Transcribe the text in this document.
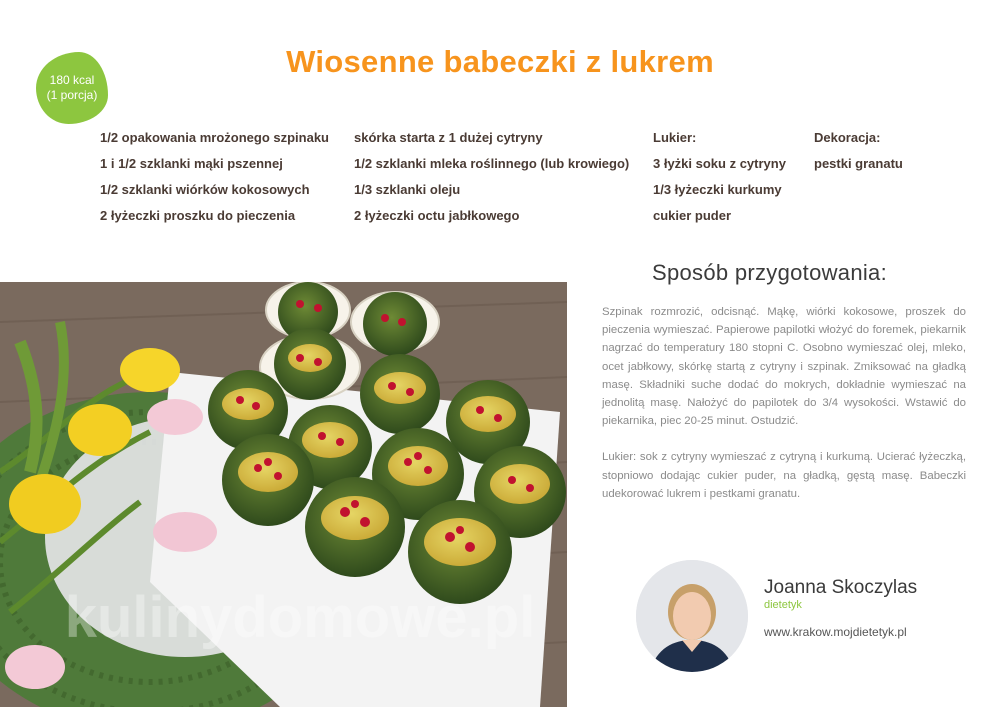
180 kcal
(1 porcja)
Wiosenne babeczki z lukrem
1/2 opakowania mrożonego szpinaku
1 i 1/2 szklanki mąki pszennej
1/2 szklanki wiórków kokosowych
2 łyżeczki proszku do pieczenia
skórka starta z 1 dużej cytryny
1/2 szklanki mleka roślinnego (lub krowiego)
1/3 szklanki oleju
2 łyżeczki octu jabłkowego
Lukier:
3 łyżki soku z cytryny
1/3 łyżeczki kurkumy
cukier puder
Dekoracja:
pestki granatu
kulinydomowe.pl
Sposób przygotowania:

Szpinak rozmrozić, odcisnąć. Mąkę, wiórki kokosowe, proszek do pieczenia wymieszać. Papierowe papilotki włożyć do foremek, piekarnik nagrzać do temperatury 180 stopni C. Osobno wymieszać olej, mleko, ocet jabłkowy, skórkę startą z cytryny i szpinak. Zmiksować na gładką masę. Składniki suche dodać do mokrych, dokładnie wymieszać na jednolitą masę. Nałożyć do papilotek do 3/4 wysokości. Wstawić do piekarnika, piec 20-25 minut. Ostudzić.

Lukier: sok z cytryny wymieszać z cytryną i kurkumą. Ucierać łyżeczką, stopniowo dodając cukier puder, na gładką, gęstą masę. Babeczki udekorować lukrem i pestkami granatu.

Joanna Skoczylas
dietetyk
www.krakow.mojdietetyk.pl
